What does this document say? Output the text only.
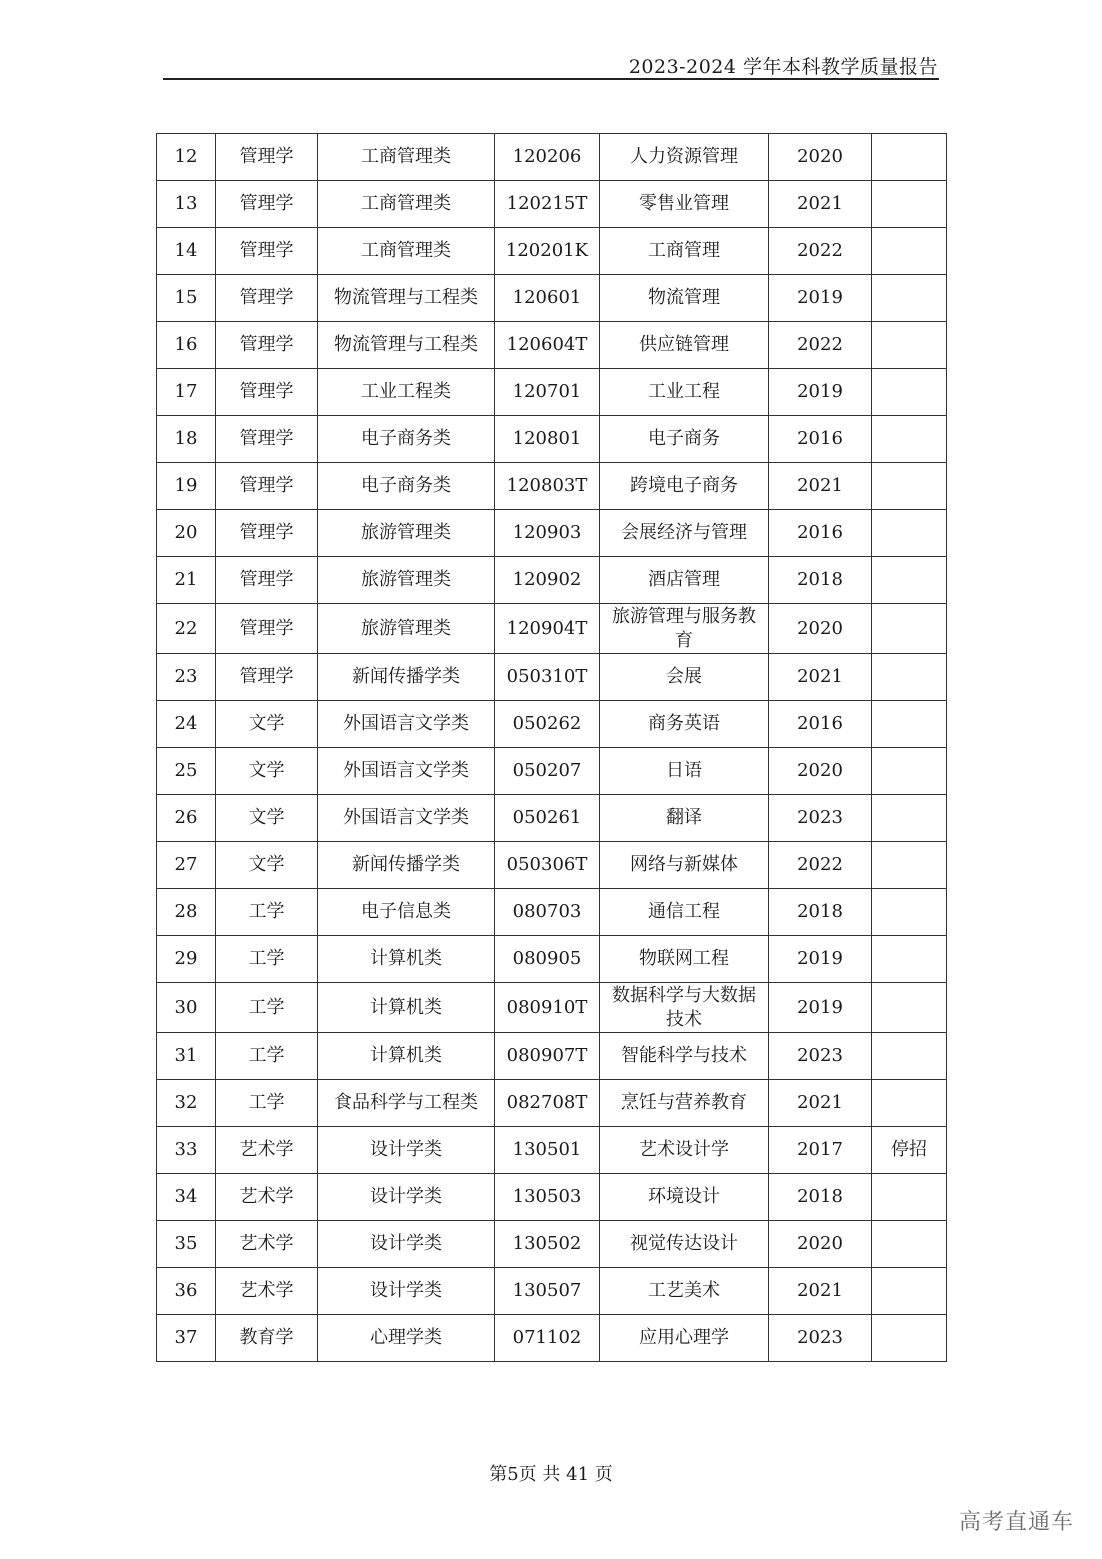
2023-2024 学年本科教学质量报告
12	管理学	工商管理类	120206	人力资源管理	2020	
13	管理学	工商管理类	120215T	零售业管理	2021	
14	管理学	工商管理类	120201K	工商管理	2022	
15	管理学	物流管理与工程类	120601	物流管理	2019	
16	管理学	物流管理与工程类	120604T	供应链管理	2022	
17	管理学	工业工程类	120701	工业工程	2019	
18	管理学	电子商务类	120801	电子商务	2016	
19	管理学	电子商务类	120803T	跨境电子商务	2021	
20	管理学	旅游管理类	120903	会展经济与管理	2016	
21	管理学	旅游管理类	120902	酒店管理	2018	
22	管理学	旅游管理类	120904T	旅游管理与服务教育	2020	
23	管理学	新闻传播学类	050310T	会展	2021	
24	文学	外国语言文学类	050262	商务英语	2016	
25	文学	外国语言文学类	050207	日语	2020	
26	文学	外国语言文学类	050261	翻译	2023	
27	文学	新闻传播学类	050306T	网络与新媒体	2022	
28	工学	电子信息类	080703	通信工程	2018	
29	工学	计算机类	080905	物联网工程	2019	
30	工学	计算机类	080910T	数据科学与大数据技术	2019	
31	工学	计算机类	080907T	智能科学与技术	2023	
32	工学	食品科学与工程类	082708T	烹饪与营养教育	2021	
33	艺术学	设计学类	130501	艺术设计学	2017	停招
34	艺术学	设计学类	130503	环境设计	2018	
35	艺术学	设计学类	130502	视觉传达设计	2020	
36	艺术学	设计学类	130507	工艺美术	2021	
37	教育学	心理学类	071102	应用心理学	2023	
第5页 共 41 页
高考直通车
